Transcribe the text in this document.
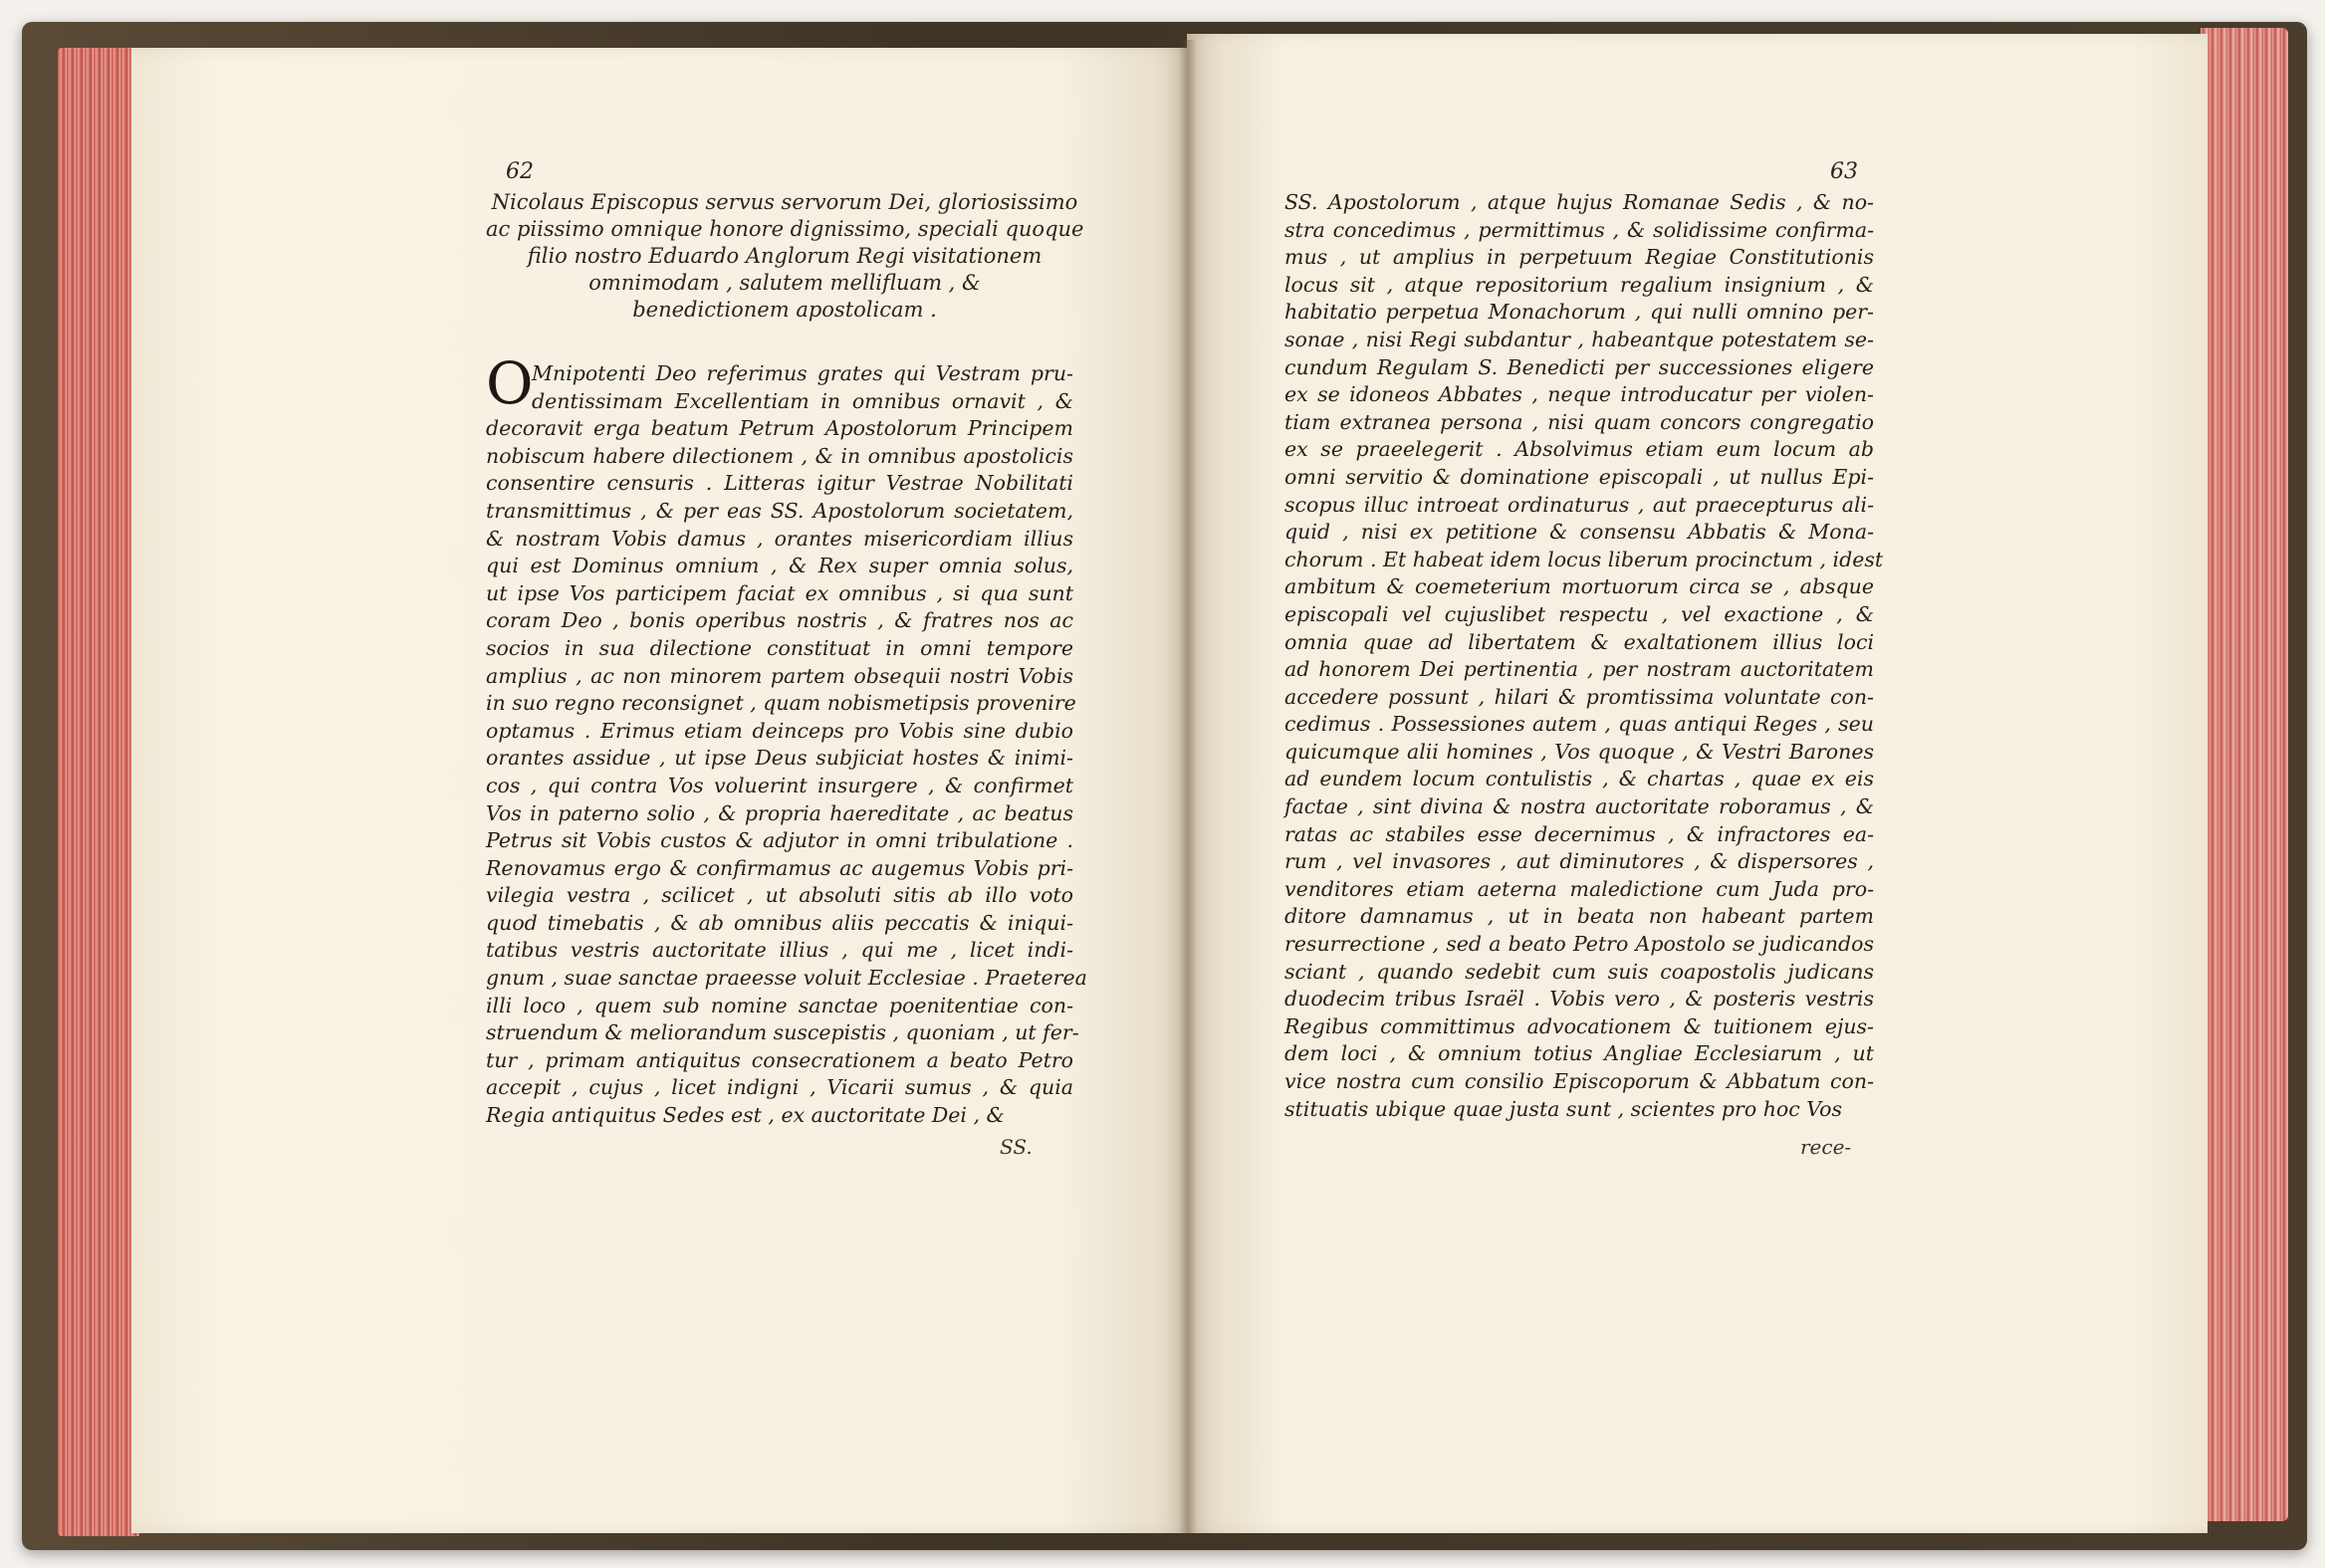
62
Nicolaus Episcopus servus servorum Dei, gloriosissimo
ac piissimo omnique honore dignissimo, speciali quoque
filio nostro Eduardo Anglorum Regi visitationem
omnimodam , salutem mellifluam , &
benedictionem apostolicam .
O
Mnipotenti Deo referimus grates qui Vestram pru-
dentissimam Excellentiam in omnibus ornavit , &
decoravit erga beatum Petrum Apostolorum Principem
nobiscum habere dilectionem , & in omnibus apostolicis
consentire censuris . Litteras igitur Vestrae Nobilitati
transmittimus , & per eas SS. Apostolorum societatem,
& nostram Vobis damus , orantes misericordiam illius
qui est Dominus omnium , & Rex super omnia solus,
ut ipse Vos participem faciat ex omnibus , si qua sunt
coram Deo , bonis operibus nostris , & fratres nos ac
socios in sua dilectione constituat in omni tempore
amplius , ac non minorem partem obsequii nostri Vobis
in suo regno reconsignet , quam nobismetipsis provenire
optamus . Erimus etiam deinceps pro Vobis sine dubio
orantes assidue , ut ipse Deus subjiciat hostes & inimi-
cos , qui contra Vos voluerint insurgere , & confirmet
Vos in paterno solio , & propria haereditate , ac beatus
Petrus sit Vobis custos & adjutor in omni tribulatione .
Renovamus ergo & confirmamus ac augemus Vobis pri-
vilegia vestra , scilicet , ut absoluti sitis ab illo voto
quod timebatis , & ab omnibus aliis peccatis & iniqui-
tatibus vestris auctoritate illius , qui me , licet indi-
gnum , suae sanctae praeesse voluit Ecclesiae . Praeterea
illi loco , quem sub nomine sanctae poenitentiae con-
struendum & meliorandum suscepistis , quoniam , ut fer-
tur , primam antiquitus consecrationem a beato Petro
accepit , cujus , licet indigni , Vicarii sumus , & quia
Regia antiquitus Sedes est , ex auctoritate Dei , &
SS.
63
SS. Apostolorum , atque hujus Romanae Sedis , & no-
stra concedimus , permittimus , & solidissime confirma-
mus , ut amplius in perpetuum Regiae Constitutionis
locus sit , atque repositorium regalium insignium , &
habitatio perpetua Monachorum , qui nulli omnino per-
sonae , nisi Regi subdantur , habeantque potestatem se-
cundum Regulam S. Benedicti per successiones eligere
ex se idoneos Abbates , neque introducatur per violen-
tiam extranea persona , nisi quam concors congregatio
ex se praeelegerit . Absolvimus etiam eum locum ab
omni servitio & dominatione episcopali , ut nullus Epi-
scopus illuc introeat ordinaturus , aut praecepturus ali-
quid , nisi ex petitione & consensu Abbatis & Mona-
chorum . Et habeat idem locus liberum procinctum , idest
ambitum & coemeterium mortuorum circa se , absque
episcopali vel cujuslibet respectu , vel exactione , &
omnia quae ad libertatem & exaltationem illius loci
ad honorem Dei pertinentia , per nostram auctoritatem
accedere possunt , hilari & promtissima voluntate con-
cedimus . Possessiones autem , quas antiqui Reges , seu
quicumque alii homines , Vos quoque , & Vestri Barones
ad eundem locum contulistis , & chartas , quae ex eis
factae , sint divina & nostra auctoritate roboramus , &
ratas ac stabiles esse decernimus , & infractores ea-
rum , vel invasores , aut diminutores , & dispersores ,
venditores etiam aeterna maledictione cum Juda pro-
ditore damnamus , ut in beata non habeant partem
resurrectione , sed a beato Petro Apostolo se judicandos
sciant , quando sedebit cum suis coapostolis judicans
duodecim tribus Israël . Vobis vero , & posteris vestris
Regibus committimus advocationem & tuitionem ejus-
dem loci , & omnium totius Angliae Ecclesiarum , ut
vice nostra cum consilio Episcoporum & Abbatum con-
stituatis ubique quae justa sunt , scientes pro hoc Vos
rece-
